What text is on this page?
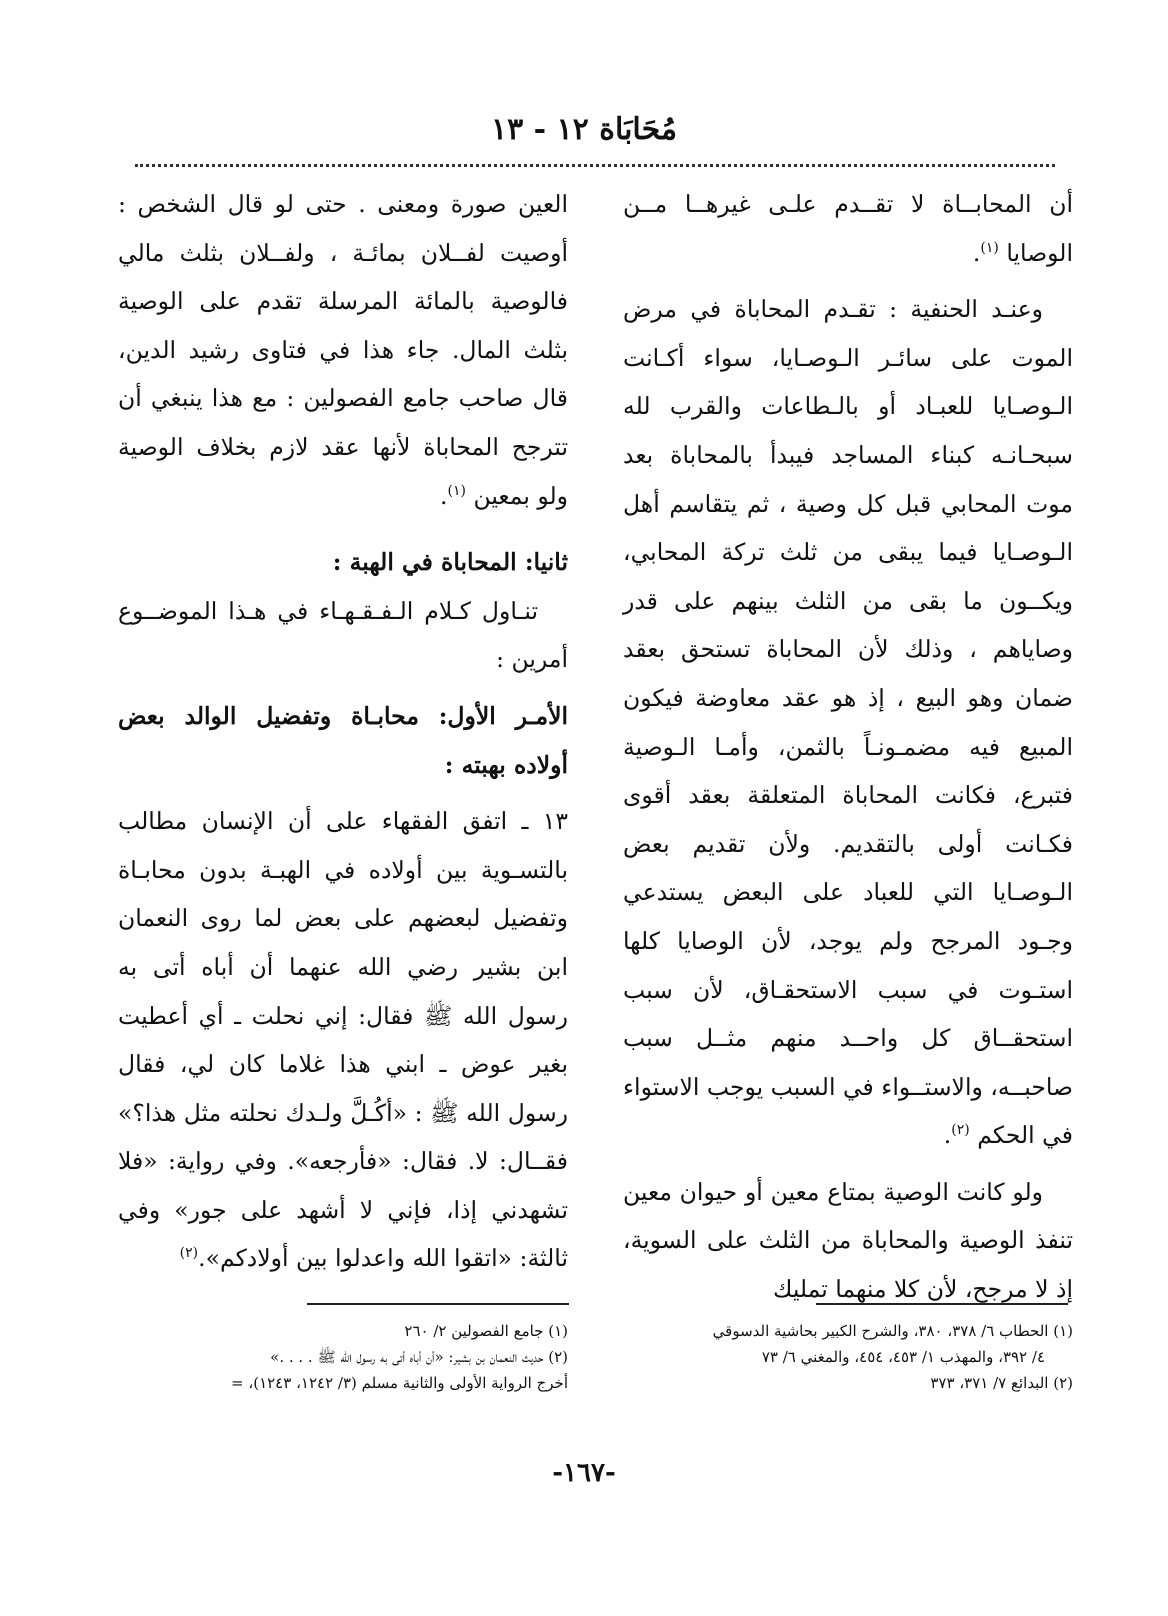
مُحَابَاة ١٢ - ١٣

أن المحابــاة لا تقــدم علـى غيرهــا مــن الوصايا $^{(١)}$.

وعنـد الحنفية : تقـدم المحاباة في مرض الموت على سائـر الـوصـايا، سواء أكـانت الـوصـايا للعبـاد أو بالـطاعات والقرب لله سبحـانـه كبناء المساجد فيبدأ بالمحاباة بعد موت المحابي قبل كل وصية ، ثم يتقاسم أهل الـوصـايا فيما يبقى من ثلث تركة المحابي، ويكــون ما بقى من الثلث بينهم على قدر وصاياهم ، وذلك لأن المحاباة تستحق بعقد ضمان وهو البيع ، إذ هو عقد معاوضة فيكون المبيع فيه مضمـونـاً بالثمن، وأمـا الـوصية فتبرع، فكانت المحاباة المتعلقة بعقد أقوى فكـانت أولى بالتقديم. ولأن تقديم بعض الـوصـايا التي للعباد على البعض يستدعي وجـود المرجح ولم يوجد، لأن الوصايا كلها استـوت في سبب الاستحقـاق، لأن سبب استحقــاق كل واحــد منهم مثــل سبب صاحبــه، والاستــواء في السبب يوجب الاستواء في الحكم $^{(٢)}$.

ولو كانت الوصية بمتاع معين أو حيوان معين تنفذ الوصية والمحاباة من الثلث على السوية، إذ لا مرجح، لأن كلا منهما تمليك

العين صورة ومعنى . حتى لو قال الشخص : أوصيت لفــلان بمائـة ، ولفــلان بثلث مالي فالوصية بالمائة المرسلة تقدم على الوصية بثلث المال. جاء هذا في فتاوى رشيد الدين، قال صاحب جامع الفصولين : مع هذا ينبغي أن تترجح المحاباة لأنها عقد لازم بخلاف الوصية ولو بمعين $^{(١)}$.

ثانيا: المحاباة في الهبة :

تنـاول كـلام الـفـقـهـاء في هـذا الموضــوع أمرين :

الأمـر الأول: محابـاة وتفضيل الوالد بعض أولاده بهبته :

١٣ ـ اتفق الفقهاء على أن الإنسان مطالب بالتسـوية بين أولاده في الهبـة بدون محابـاة وتفضيل لبعضهم على بعض لما روى النعمان ابن بشير رضي الله عنهما أن أباه أتى به رسول الله ﷺ فقال: إني نحلت ـ أي أعطيت بغير عوض ـ ابني هذا غلاما كان لي، فقال رسول الله ﷺ : «أكُـلَّ ولـدك نحلته مثل هذا؟» فقــال: لا. فقال: «فأرجعه». وفي رواية: «فلا تشهدني إذا، فإني لا أشهد على جور» وفي ثالثة: «اتقوا الله واعدلوا بين أولادكم».$^{(٢)}$

(١) الحطاب ٦/ ٣٧٨، ٣٨٠، والشرح الكبير بحاشية الدسوقي
٤/ ٣٩٢، والمهذب ١/ ٤٥٣، ٤٥٤، والمغني ٦/ ٧٣
(٢) البدائع ٧/ ٣٧١، ٣٧٣
(١) جامع الفصولين ٢/ ٢٦٠
(٢) حديث النعمان بن بشير: «أن أباه أتى به رسول الله ﷺ . . . .»
أخرج الرواية الأولى والثانية مسلم (٣/ ١٢٤٢، ١٢٤٣)، =
-١٦٧-
